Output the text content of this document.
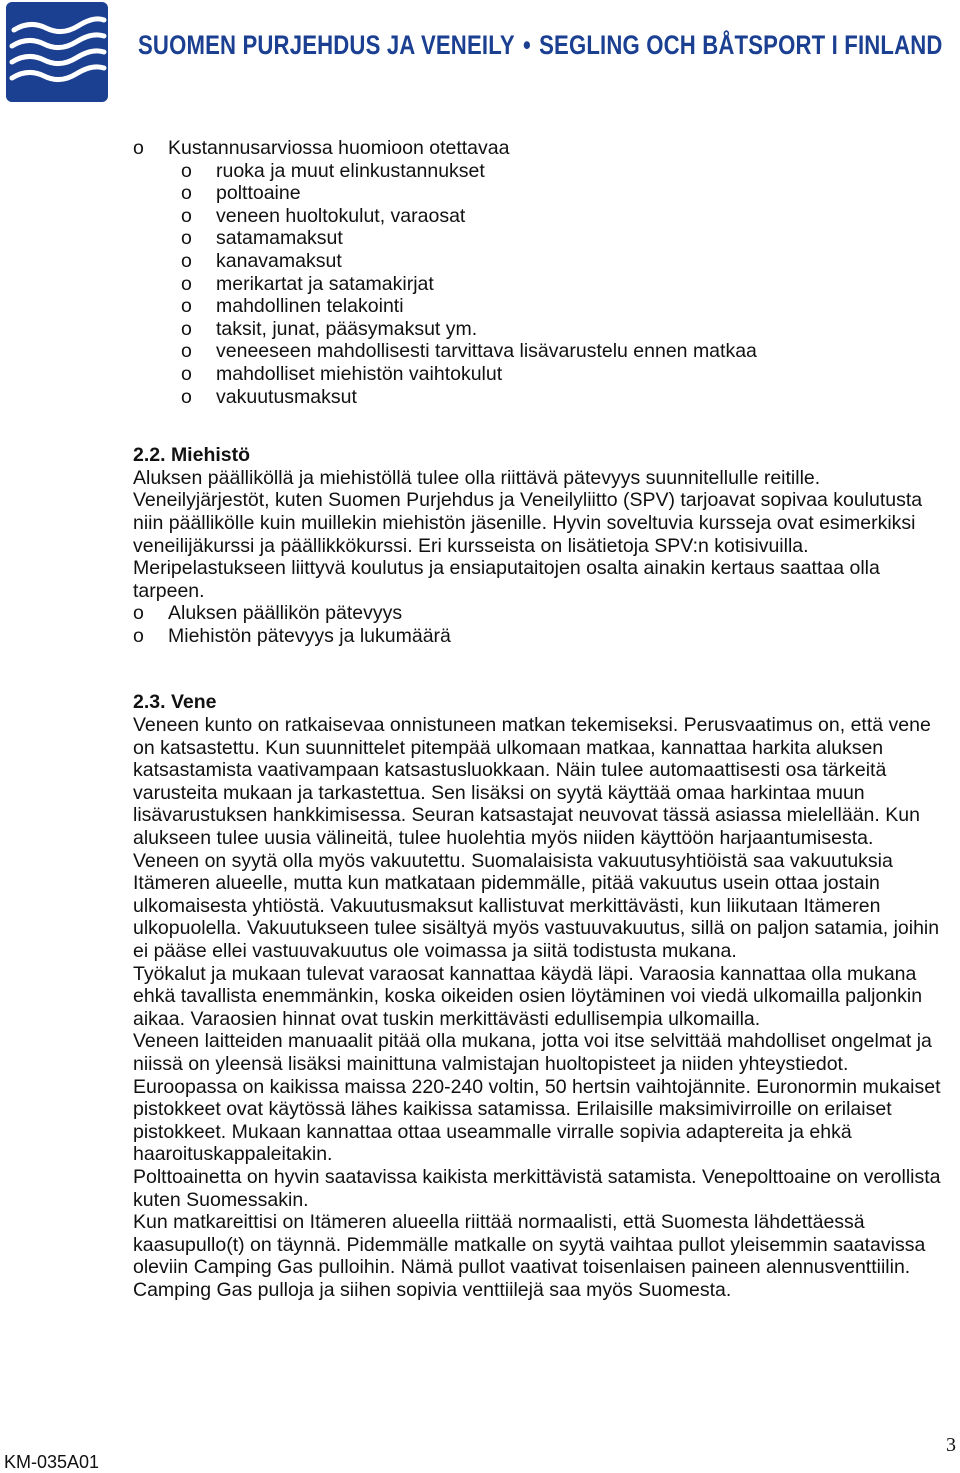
SUOMEN PURJEHDUS JA VENEILY • SEGLING OCH BÅTSPORT I FINLAND
o Kustannusarviossa huomioon otettavaa
o ruoka ja muut elinkustannukset
o polttoaine
o veneen huoltokulut, varaosat
o satamamaksut
o kanavamaksut
o merikartat ja satamakirjat
o mahdollinen telakointi
o taksit, junat, pääsymaksut ym.
o veneeseen mahdollisesti tarvittava lisävarustelu ennen matkaa
o mahdolliset miehistön vaihtokulut
o vakuutusmaksut
2.2. Miehistö

Aluksen päälliköllä ja miehistöllä tulee olla riittävä pätevyys suunnitellulle reitille. Veneilyjärjestöt, kuten Suomen Purjehdus ja Veneilyliitto (SPV) tarjoavat sopivaa koulutusta niin päällikölle kuin muillekin miehistön jäsenille. Hyvin soveltuvia kursseja ovat esimerkiksi veneilijäkurssi ja päällikkökurssi. Eri kursseista on lisätietoja SPV:n kotisivuilla. Meripelastukseen liittyvä koulutus ja ensiaputaitojen osalta ainakin kertaus saattaa olla tarpeen.

o Aluksen päällikön pätevyys
o Miehistön pätevyys ja lukumäärä
2.3. Vene

Veneen kunto on ratkaisevaa onnistuneen matkan tekemiseksi. Perusvaatimus on, että vene on katsastettu. Kun suunnittelet pitempää ulkomaan matkaa, kannattaa harkita aluksen katsastamista vaativampaan katsastusluokkaan. Näin tulee automaattisesti osa tärkeitä varusteita mukaan ja tarkastettua. Sen lisäksi on syytä käyttää omaa harkintaa muun lisävarustuksen hankkimisessa. Seuran katsastajat neuvovat tässä asiassa mielellään. Kun alukseen tulee uusia välineitä, tulee huolehtia myös niiden käyttöön harjaantumisesta.

Veneen on syytä olla myös vakuutettu. Suomalaisista vakuutusyhtiöistä saa vakuutuksia Itämeren alueelle, mutta kun matkataan pidemmälle, pitää vakuutus usein ottaa jostain ulkomaisesta yhtiöstä. Vakuutusmaksut kallistuvat merkittävästi, kun liikutaan Itämeren ulkopuolella. Vakuutukseen tulee sisältyä myös vastuuvakuutus, sillä on paljon satamia, joihin ei pääse ellei vastuuvakuutus ole voimassa ja siitä todistusta mukana.

Työkalut ja mukaan tulevat varaosat kannattaa käydä läpi. Varaosia kannattaa olla mukana ehkä tavallista enemmänkin, koska oikeiden osien löytäminen voi viedä ulkomailla paljonkin aikaa. Varaosien hinnat ovat tuskin merkittävästi edullisempia ulkomailla.

Veneen laitteiden manuaalit pitää olla mukana, jotta voi itse selvittää mahdolliset ongelmat ja niissä on yleensä lisäksi mainittuna valmistajan huoltopisteet ja niiden yhteystiedot.

Euroopassa on kaikissa maissa 220-240 voltin, 50 hertsin vaihtojännite. Euronormin mukaiset pistokkeet ovat käytössä lähes kaikissa satamissa. Erilaisille maksimivirroille on erilaiset pistokkeet. Mukaan kannattaa ottaa useammalle virralle sopivia adaptereita ja ehkä haaroituskappaleitakin.

Polttoainetta on hyvin saatavissa kaikista merkittävistä satamista. Venepolttoaine on verollista kuten Suomessakin.

Kun matkareittisi on Itämeren alueella riittää normaalisti, että Suomesta lähdettäessä kaasupullo(t) on täynnä. Pidemmälle matkalle on syytä vaihtaa pullot yleisemmin saatavissa oleviin Camping Gas pulloihin. Nämä pullot vaativat toisenlaisen paineen alennusventtiilin. Camping Gas pulloja ja siihen sopivia venttiilejä saa myös Suomesta.

KM-035A01
3
